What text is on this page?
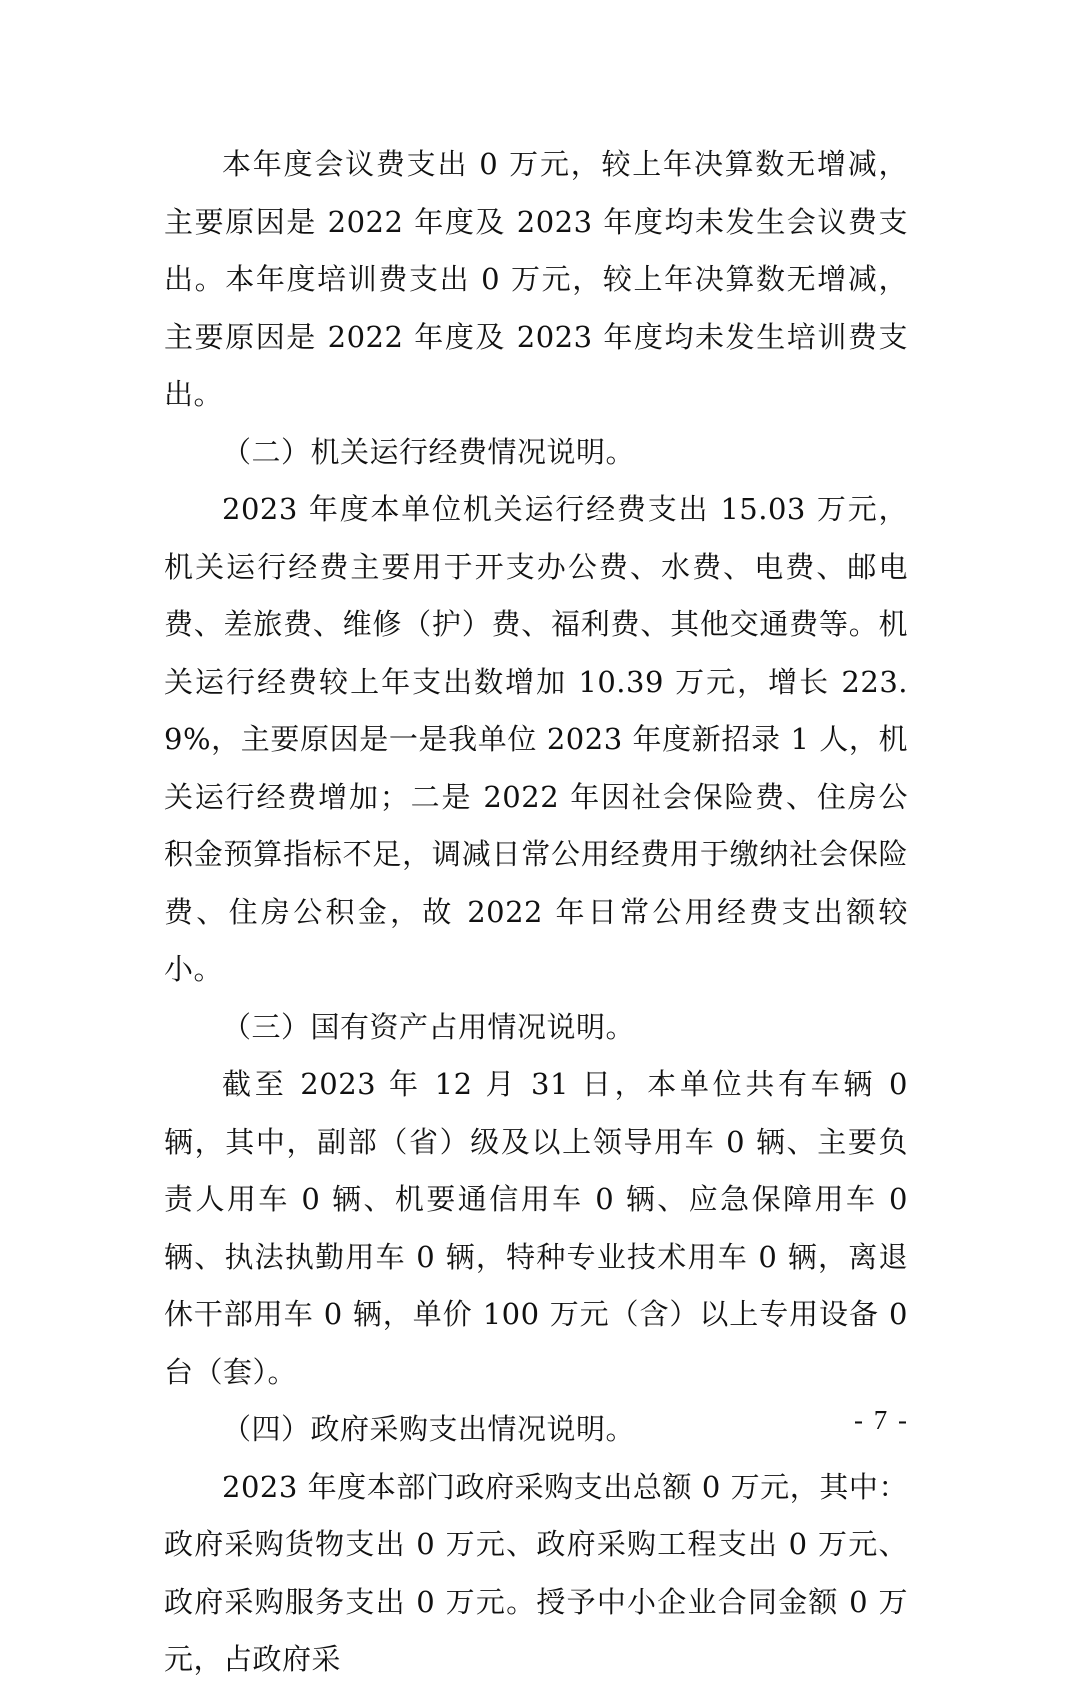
本年度会议费支出 0 万元，较上年决算数无增减，主要原因是 2022 年度及 2023 年度均未发生会议费支出。本年度培训费支出 0 万元，较上年决算数无增减，主要原因是 2022 年度及 2023 年度均未发生培训费支出。

（二）机关运行经费情况说明。

2023 年度本单位机关运行经费支出 15.03 万元，机关运行经费主要用于开支办公费、水费、电费、邮电费、差旅费、维修（护）费、福利费、其他交通费等。机关运行经费较上年支出数增加 10.39 万元，增长 223.9%，主要原因是一是我单位 2023 年度新招录 1 人，机关运行经费增加；二是 2022 年因社会保险费、住房公积金预算指标不足，调减日常公用经费用于缴纳社会保险费、住房公积金，故 2022 年日常公用经费支出额较小。

（三）国有资产占用情况说明。

截至 2023 年 12 月 31 日，本单位共有车辆 0 辆，其中，副部（省）级及以上领导用车 0 辆、主要负责人用车 0 辆、机要通信用车 0 辆、应急保障用车 0 辆、执法执勤用车 0 辆，特种专业技术用车 0 辆，离退休干部用车 0 辆，单价 100 万元（含）以上专用设备 0 台（套）。

（四）政府采购支出情况说明。

2023 年度本部门政府采购支出总额 0 万元，其中：政府采购货物支出 0 万元、政府采购工程支出 0 万元、政府采购服务支出 0 万元。授予中小企业合同金额 0 万元，占政府采

- 7 -
